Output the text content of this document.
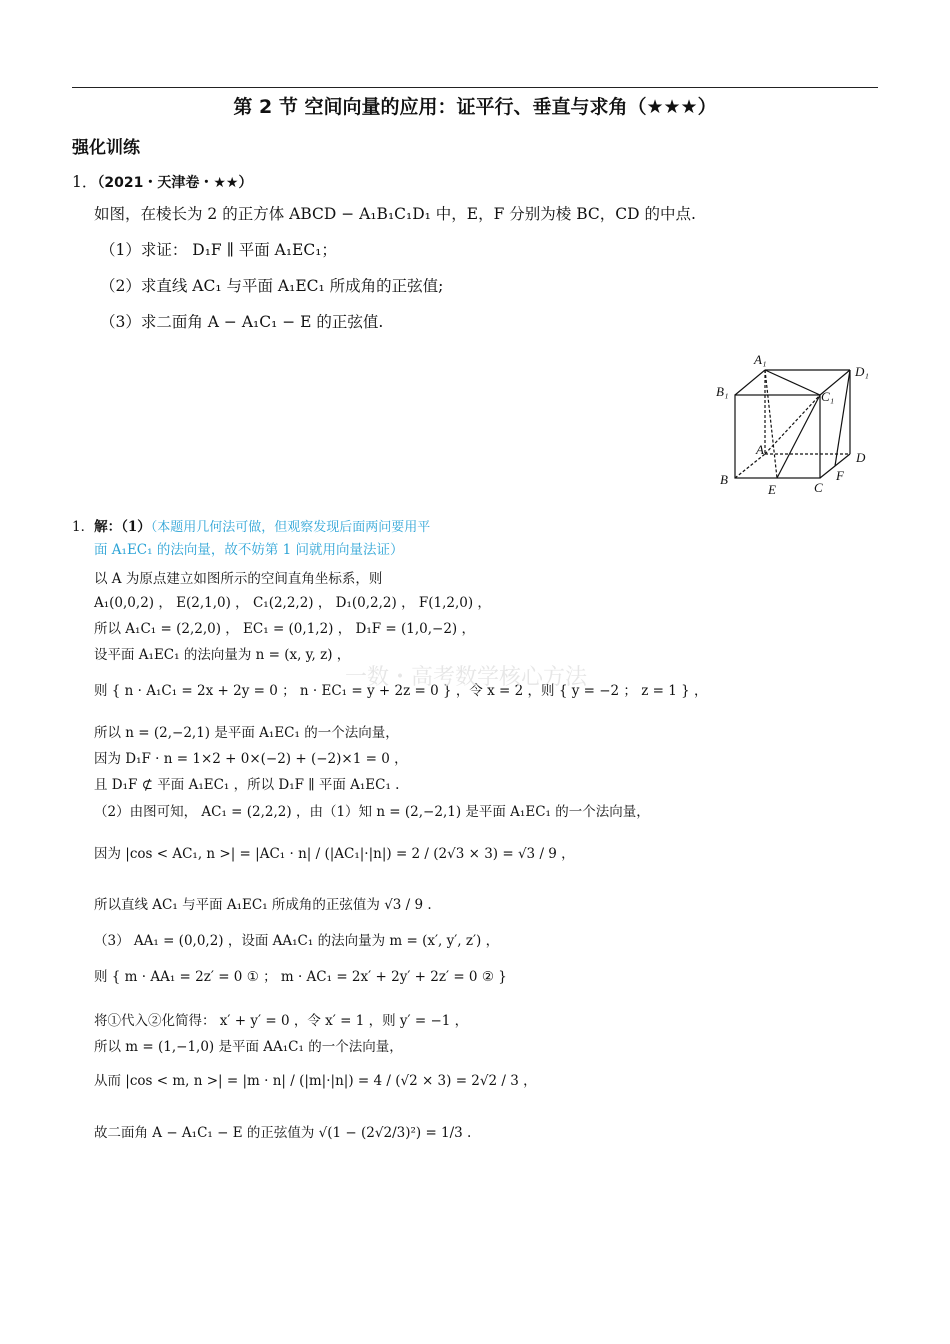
第 2 节 空间向量的应用：证平行、垂直与求角（★★★）
强化训练
1．（2021・天津卷・★★）
如图，在棱长为 2 的正方体 ABCD − A₁B₁C₁D₁ 中，E，F 分别为棱 BC，CD 的中点.
（1）求证： D₁F ∥ 平面 A₁EC₁；
（2）求直线 AC₁ 与平面 A₁EC₁ 所成角的正弦值;
（3）求二面角 A − A₁C₁ − E 的正弦值.
A₁
D₁
B₁	C₁
A
D
B
E	C
F
1．解：（1）（本题用几何法可做，但观察发现后面两问要用平
面 A₁EC₁ 的法向量，故不妨第 1 问就用向量法证）
以 A 为原点建立如图所示的空间直角坐标系，则
A₁(0,0,2) ， E(2,1,0) ， C₁(2,2,2) ， D₁(0,2,2) ， F(1,2,0) ，
所以 A₁C₁ = (2,2,0) ， EC₁ = (0,1,2) ， D₁F = (1,0,−2) ，
设平面 A₁EC₁ 的法向量为 n = (x, y, z) ，
则 { n · A₁C₁ = 2x + 2y = 0 ； n · EC₁ = y + 2z = 0 } ，令 x = 2 ，则 { y = −2 ； z = 1 } ，
所以 n = (2,−2,1) 是平面 A₁EC₁ 的一个法向量，
因为 D₁F · n = 1×2 + 0×(−2) + (−2)×1 = 0 ，
且 D₁F ⊄ 平面 A₁EC₁ ，所以 D₁F ∥ 平面 A₁EC₁ .
（2）由图可知， AC₁ = (2,2,2) ，由（1）知 n = (2,−2,1) 是平面 A₁EC₁ 的一个法向量，
因为 |cos < AC₁, n >| = |AC₁ · n| / (|AC₁|·|n|) = 2 / (2√3 × 3) = √3 / 9 ，
所以直线 AC₁ 与平面 A₁EC₁ 所成角的正弦值为 √3 / 9 .
（3） AA₁ = (0,0,2) ，设面 AA₁C₁ 的法向量为 m = (x′, y′, z′) ，
则 { m · AA₁ = 2z′ = 0 ① ； m · AC₁ = 2x′ + 2y′ + 2z′ = 0 ② }
将①代入②化简得： x′ + y′ = 0 ，令 x′ = 1 ，则 y′ = −1 ，
所以 m = (1,−1,0) 是平面 AA₁C₁ 的一个法向量，
从而 |cos < m, n >| = |m · n| / (|m|·|n|) = 4 / (√2 × 3) = 2√2 / 3 ，
故二面角 A − A₁C₁ − E 的正弦值为 √(1 − (2√2/3)²) = 1/3 .
一数・高考数学核心方法
